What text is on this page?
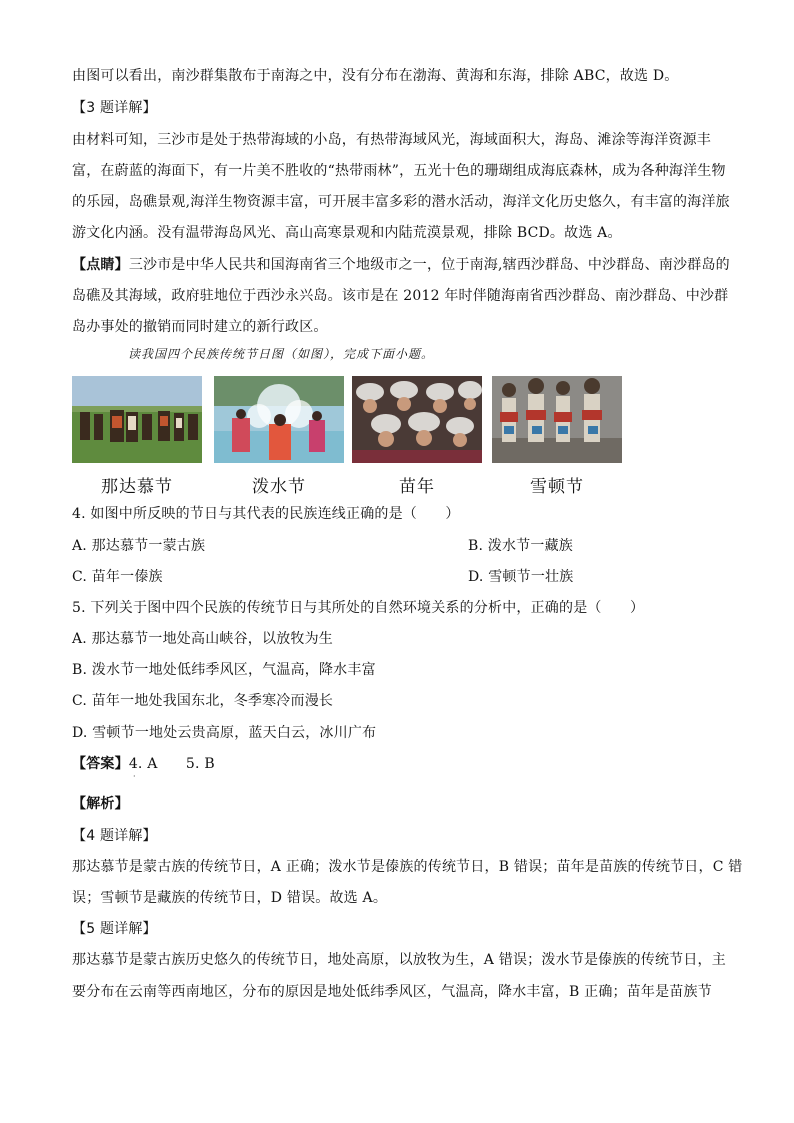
由图可以看出，南沙群集散布于南海之中，没有分布在渤海、黄海和东海，排除 ABC，故选 D。
【3 题详解】
由材料可知，三沙市是处于热带海域的小岛，有热带海域风光，海域面积大，海岛、滩涂等海洋资源丰
富，在蔚蓝的海面下，有一片美不胜收的“热带雨林”，五光十色的珊瑚组成海底森林，成为各种海洋生物
的乐园，岛礁景观,海洋生物资源丰富，可开展丰富多彩的潜水活动，海洋文化历史悠久，有丰富的海洋旅
游文化内涵。没有温带海岛风光、高山高寒景观和内陆荒漠景观，排除 BCD。故选 A。
【点睛】三沙市是中华人民共和国海南省三个地级市之一，位于南海,辖西沙群岛、中沙群岛、南沙群岛的
岛礁及其海域，政府驻地位于西沙永兴岛。该市是在 2012 年时伴随海南省西沙群岛、南沙群岛、中沙群
岛办事处的撤销而同时建立的新行政区。
读我国四个民族传统节日图（如图），完成下面小题。
那达慕节	泼水节	苗年	雪顿节
4. 如图中所反映的节日与其代表的民族连线正确的是（　　）
A. 那达慕节一蒙古族	B. 泼水节一藏族
C. 苗年一傣族	D. 雪顿节一壮族
5. 下列关于图中四个民族的传统节日与其所处的自然环境关系的分析中，正确的是（　　）
A. 那达慕节一地处高山峡谷，以放牧为生
B. 泼水节一地处低纬季风区，气温高，降水丰富
C. 苗年一地处我国东北，冬季寒冷而漫长
D. 雪顿节一地处云贵高原，蓝天白云，冰川广布
【答案】4. A　　5. B
·
【解析】
【4 题详解】
那达慕节是蒙古族的传统节日，A 正确；泼水节是傣族的传统节日，B 错误；苗年是苗族的传统节日，C 错
误；雪顿节是藏族的传统节日，D 错误。故选 A。
【5 题详解】
那达慕节是蒙古族历史悠久的传统节日，地处高原，以放牧为生，A 错误；泼水节是傣族的传统节日，主
要分布在云南等西南地区，分布的原因是地处低纬季风区，气温高，降水丰富，B 正确；苗年是苗族节
